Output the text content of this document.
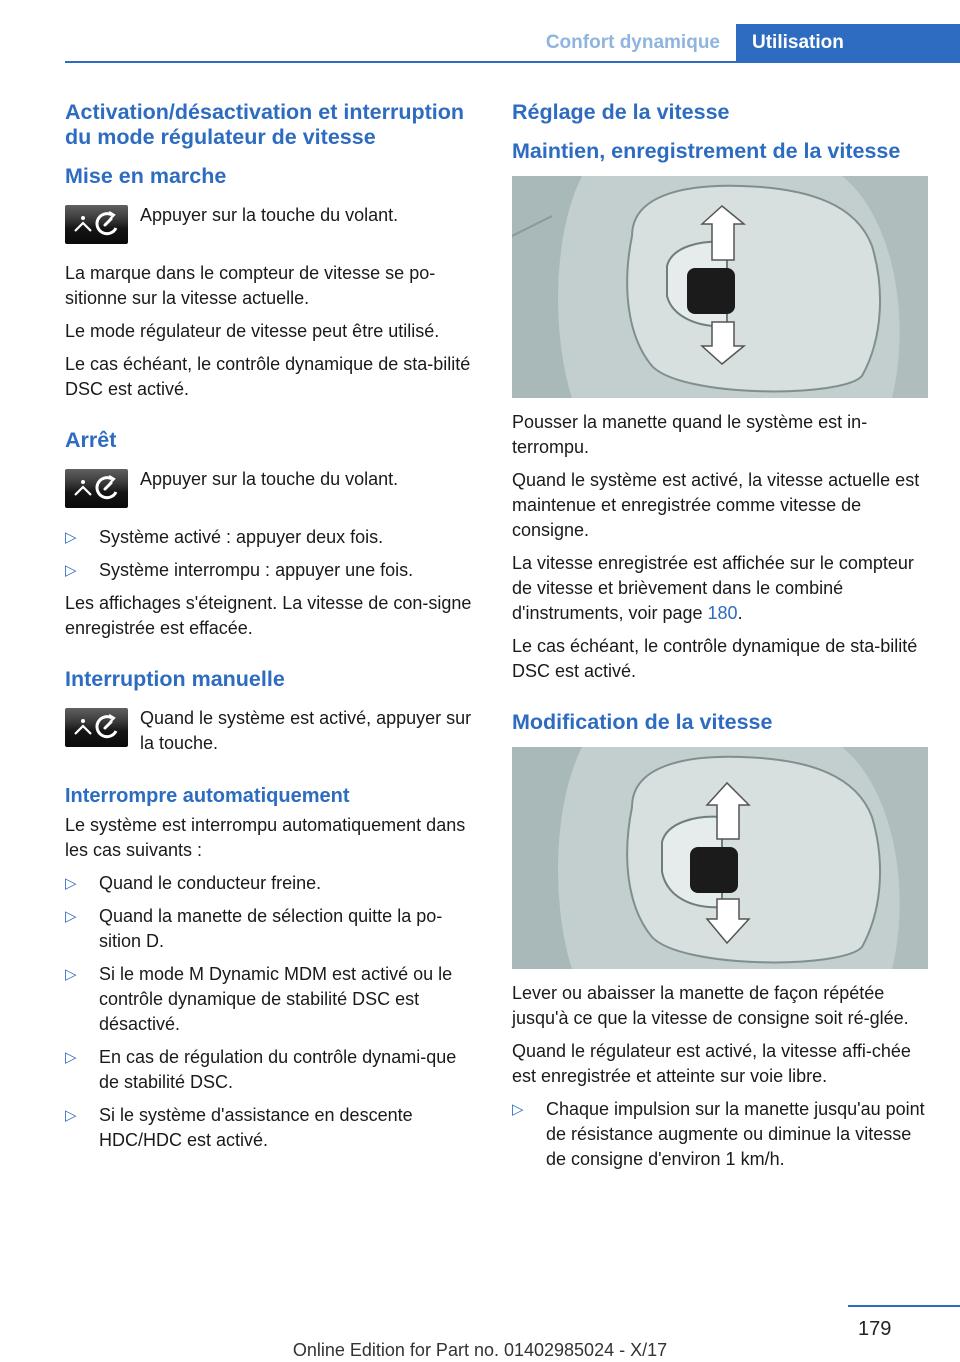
Confort dynamique	Utilisation
Activation/désactivation et interruption du mode régulateur de vitesse
Mise en marche

Appuyer sur la touche du volant.

La marque dans le compteur de vitesse se po‐sitionne sur la vitesse actuelle.

Le mode régulateur de vitesse peut être utilisé.

Le cas échéant, le contrôle dynamique de sta‐bilité DSC est activé.

Arrêt

Appuyer sur la touche du volant.

▷ Système activé : appuyer deux fois.
▷ Système interrompu : appuyer une fois.

Les affichages s'éteignent. La vitesse de con‐signe enregistrée est effacée.

Interruption manuelle

Quand le système est activé, appuyer sur la touche.

Interrompre automatiquement

Le système est interrompu automatiquement dans les cas suivants :

▷ Quand le conducteur freine.
▷ Quand la manette de sélection quitte la po‐sition D.
▷ Si le mode M Dynamic MDM est activé ou le contrôle dynamique de stabilité DSC est désactivé.
▷ En cas de régulation du contrôle dynami‐que de stabilité DSC.
▷ Si le système d'assistance en descente HDC/HDC est activé.
Réglage de la vitesse
Maintien, enregistrement de la vitesse

Pousser la manette quand le système est in‐terrompu.

Quand le système est activé, la vitesse actuelle est maintenue et enregistrée comme vitesse de consigne.

La vitesse enregistrée est affichée sur le compteur de vitesse et brièvement dans le combiné d'instruments, voir page 180.

Le cas échéant, le contrôle dynamique de sta‐bilité DSC est activé.

Modification de la vitesse

Lever ou abaisser la manette de façon répétée jusqu'à ce que la vitesse de consigne soit ré‐glée.

Quand le régulateur est activé, la vitesse affi‐chée est enregistrée et atteinte sur voie libre.

▷ Chaque impulsion sur la manette jusqu'au point de résistance augmente ou diminue la vitesse de consigne d'environ 1 km/h.
179
Online Edition for Part no. 01402985024 - X/17
